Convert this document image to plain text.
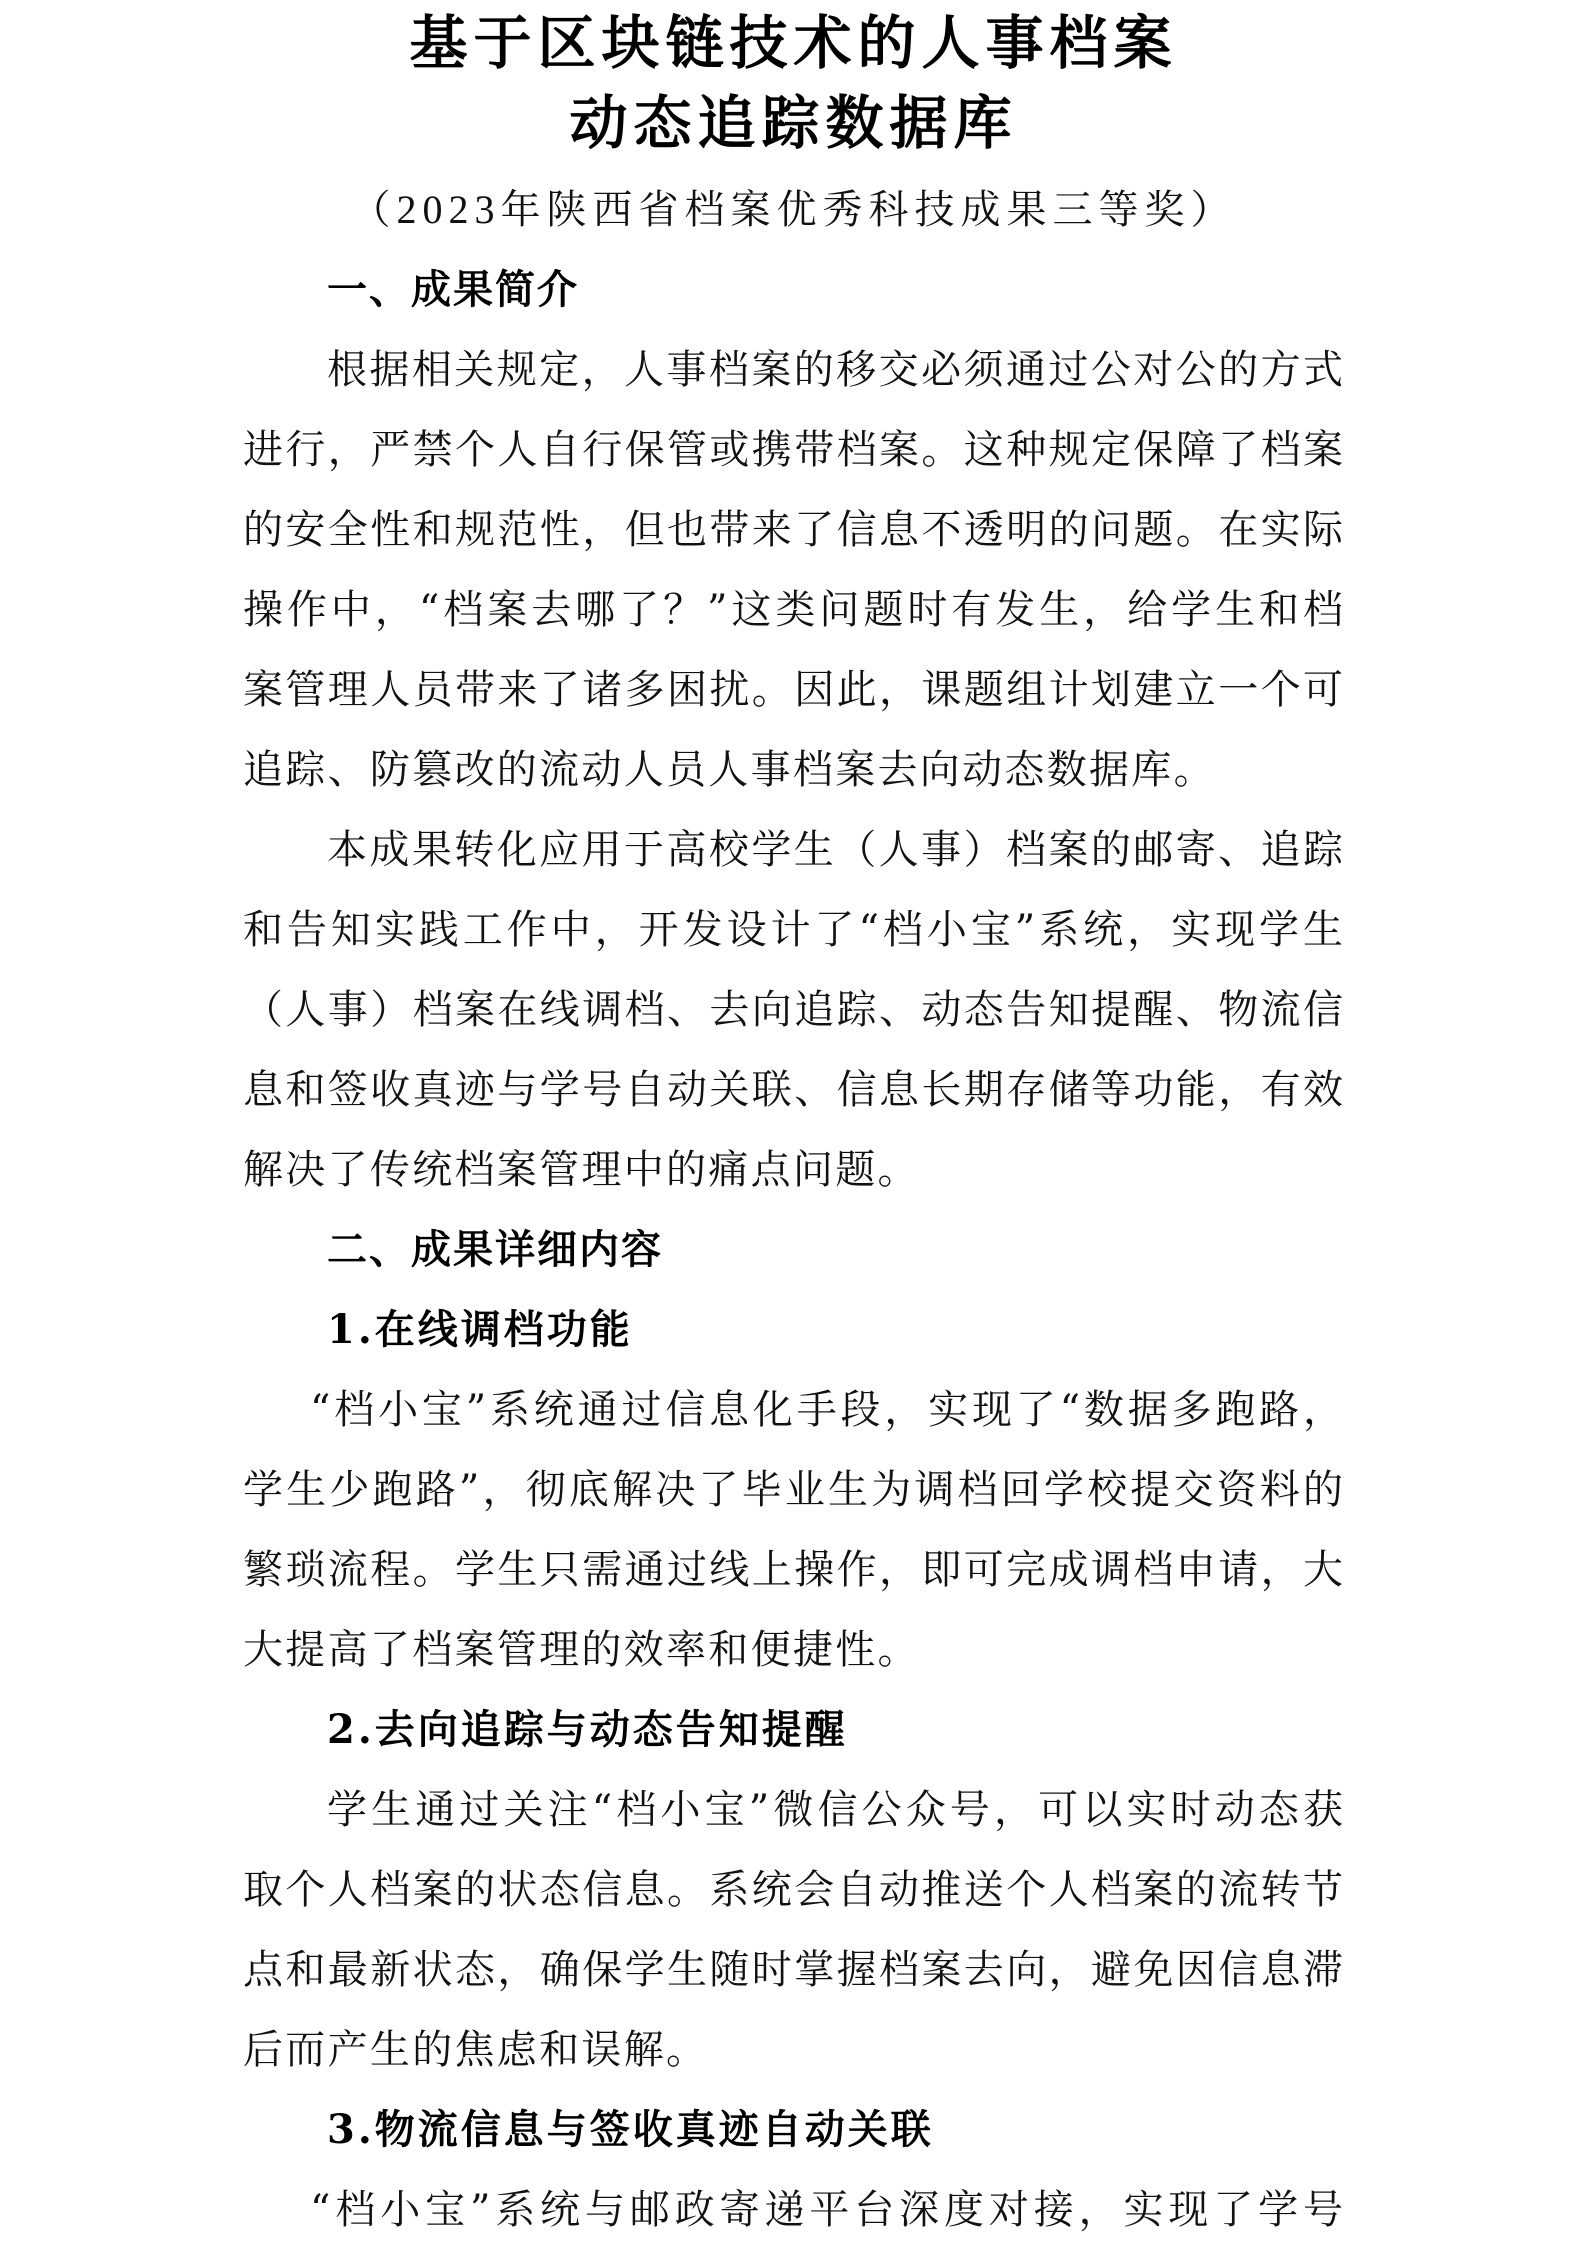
基于区块链技术的人事档案
动态追踪数据库
（2023年陕西省档案优秀科技成果三等奖）
一、成果简介
根据相关规定，人事档案的移交必须通过公对公的方式
进行，严禁个人自行保管或携带档案。这种规定保障了档案
的安全性和规范性，但也带来了信息不透明的问题。在实际
操作中，“档案去哪了？”这类问题时有发生，给学生和档
案管理人员带来了诸多困扰。因此，课题组计划建立一个可
追踪、防篡改的流动人员人事档案去向动态数据库。
本成果转化应用于高校学生（人事）档案的邮寄、追踪
和告知实践工作中，开发设计了“档小宝”系统，实现学生
（人事）档案在线调档、去向追踪、动态告知提醒、物流信
息和签收真迹与学号自动关联、信息长期存储等功能，有效
解决了传统档案管理中的痛点问题。
二、成果详细内容
1.在线调档功能
“档小宝”系统通过信息化手段，实现了“数据多跑路，
学生少跑路”，彻底解决了毕业生为调档回学校提交资料的
繁琐流程。学生只需通过线上操作，即可完成调档申请，大
大提高了档案管理的效率和便捷性。
2.去向追踪与动态告知提醒
学生通过关注“档小宝”微信公众号，可以实时动态获
取个人档案的状态信息。系统会自动推送个人档案的流转节
点和最新状态，确保学生随时掌握档案去向，避免因信息滞
后而产生的焦虑和误解。
3.物流信息与签收真迹自动关联
“档小宝”系统与邮政寄递平台深度对接，实现了学号
